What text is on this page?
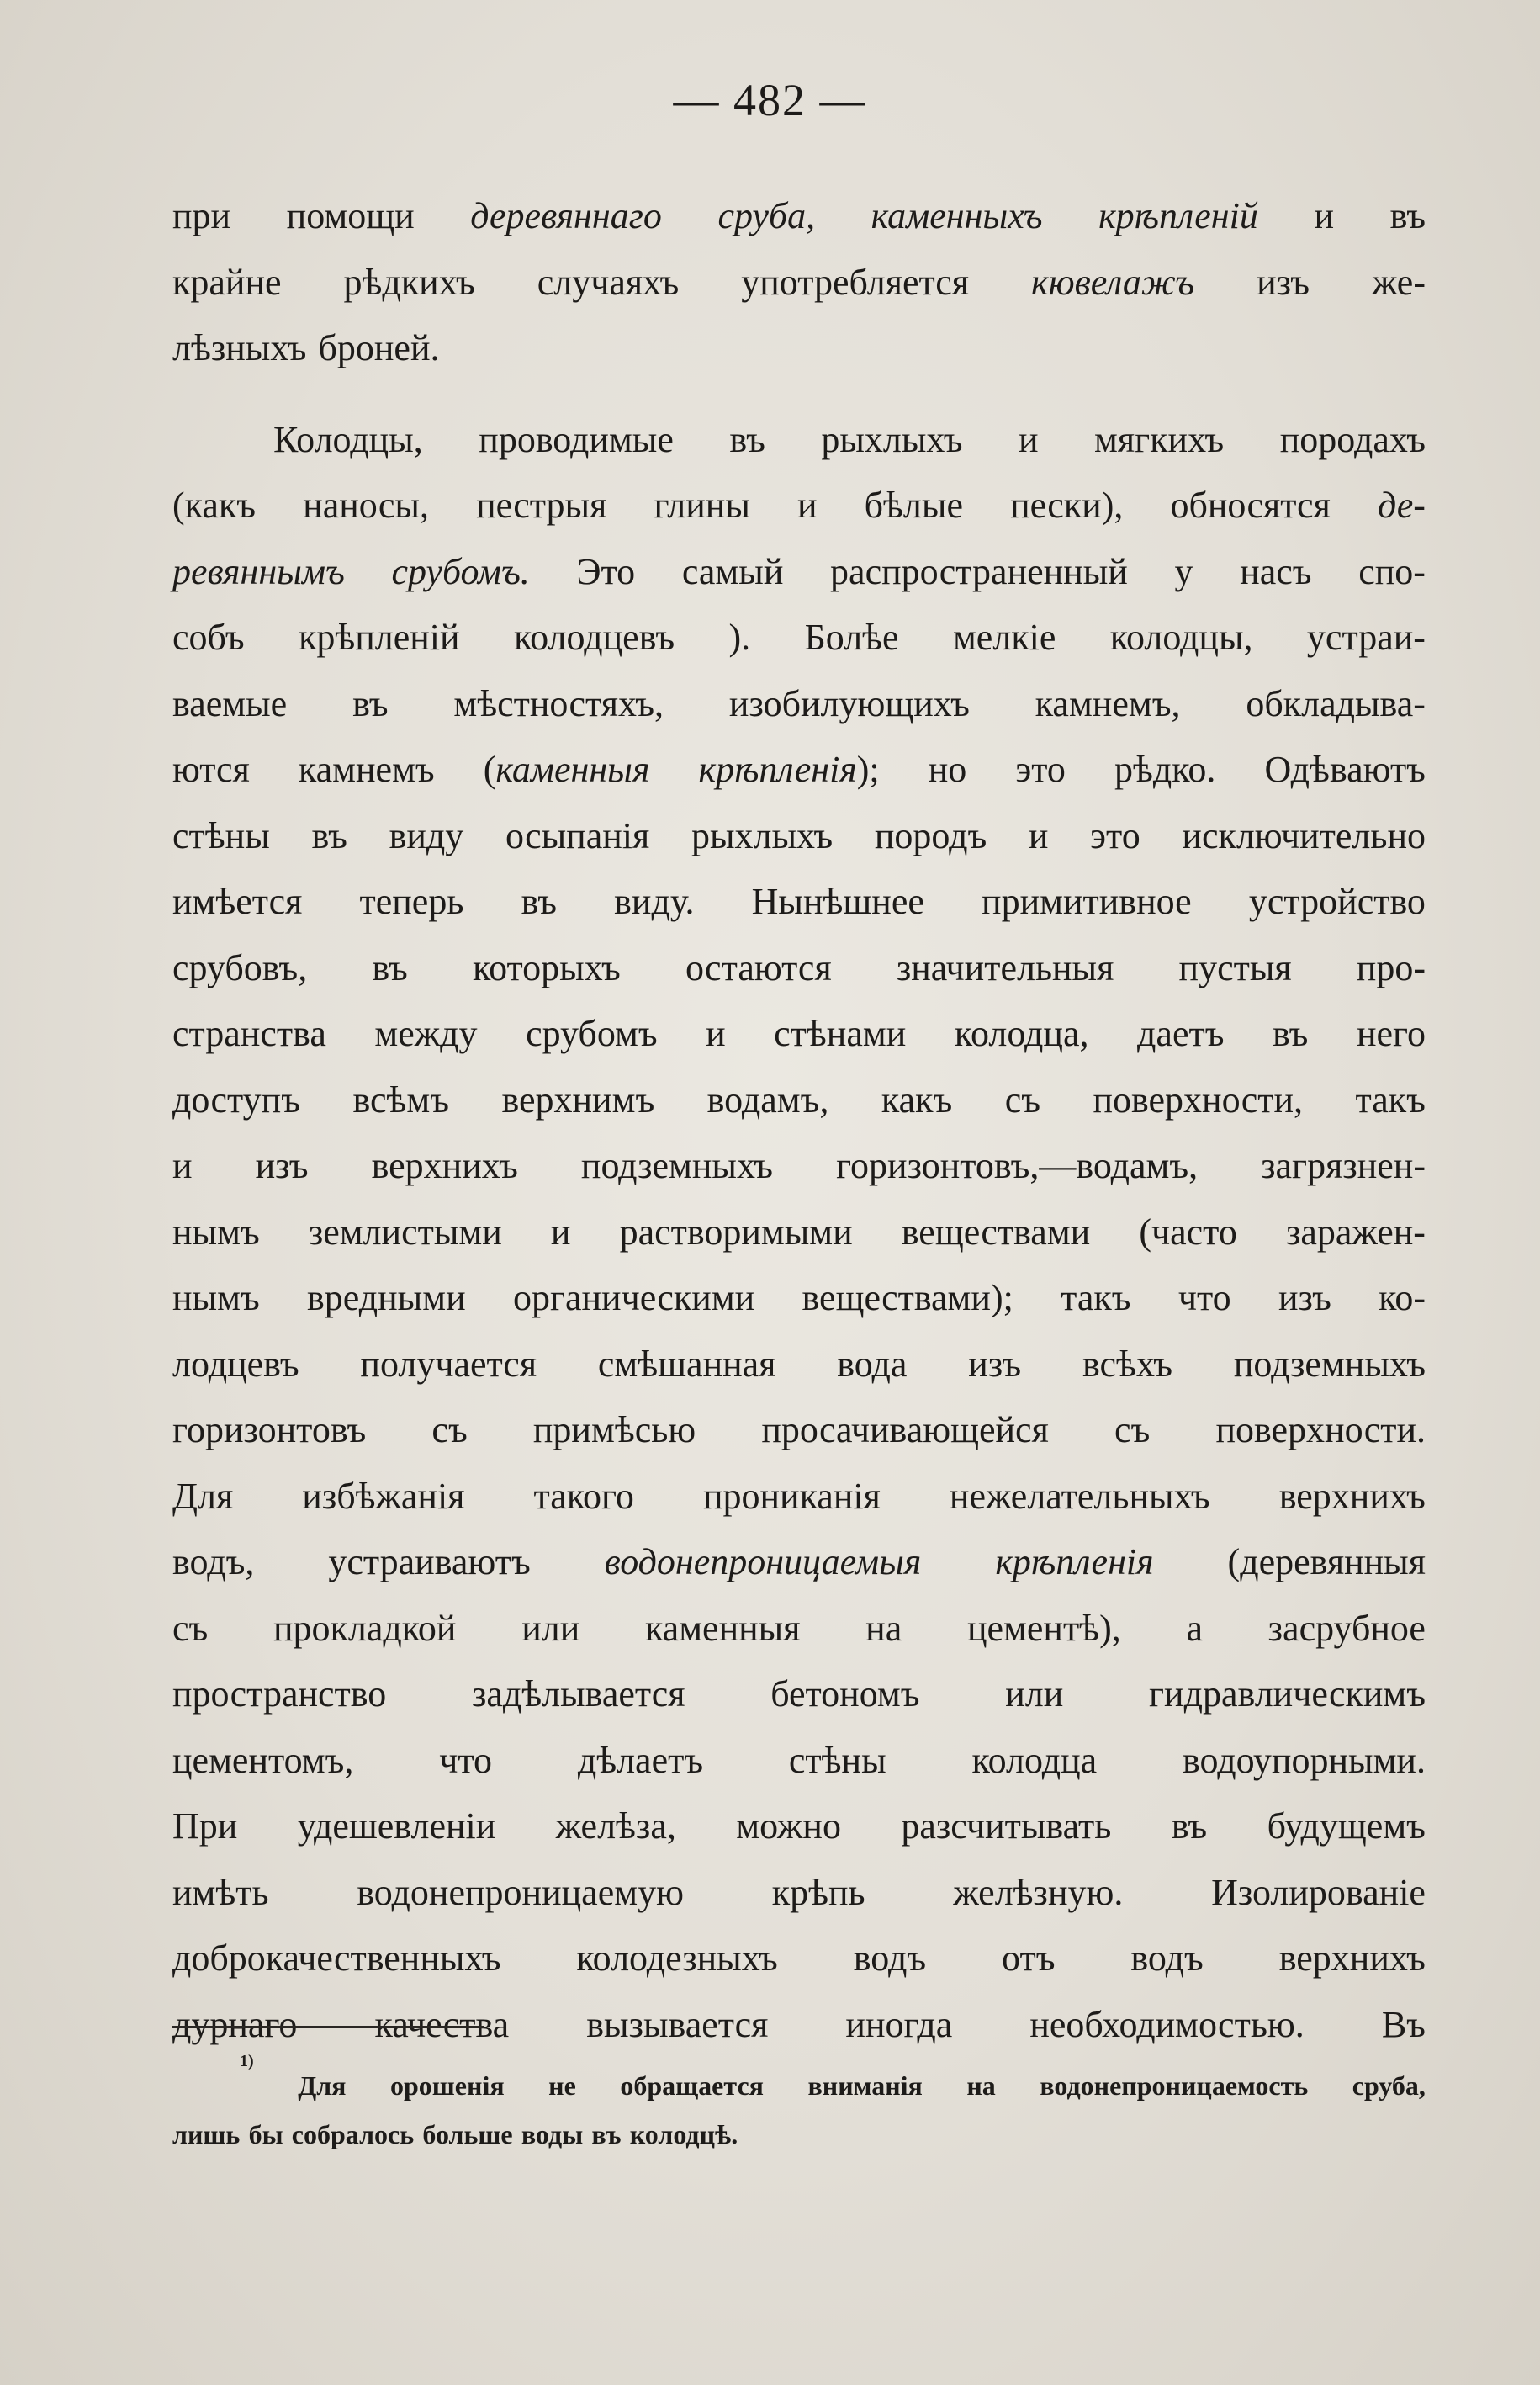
— 482 —
при помощи деревяннаго сруба, каменныхъ крѣпленій и въ
крайне рѣдкихъ случаяхъ употребляется кювелажъ изъ же-
лѣзныхъ броней.
Колодцы, проводимые въ рыхлыхъ и мягкихъ породахъ
(какъ наносы, пестрыя глины и бѣлые пески), обносятся де-
ревяннымъ срубомъ. Это самый распространенный у насъ спо-
собъ крѣпленій колодцевъ ). Болѣе мелкіе колодцы, устраи-
ваемые въ мѣстностяхъ, изобилующихъ камнемъ, обкладыва-
ются камнемъ (каменныя крѣпленія); но это рѣдко. Одѣваютъ
стѣны въ виду осыпанія рыхлыхъ породъ и это исключительно
имѣется теперь въ виду. Нынѣшнее примитивное устройство
срубовъ, въ которыхъ остаются значительныя пустыя про-
странства между срубомъ и стѣнами колодца, даетъ въ него
доступъ всѣмъ верхнимъ водамъ, какъ съ поверхности, такъ
и изъ верхнихъ подземныхъ горизонтовъ,—водамъ, загрязнен-
нымъ землистыми и растворимыми веществами (часто заражен-
нымъ вредными органическими веществами); такъ что изъ ко-
лодцевъ получается смѣшанная вода изъ всѣхъ подземныхъ
горизонтовъ съ примѣсью просачивающейся съ поверхности.
Для избѣжанія такого прониканія нежелательныхъ верхнихъ
водъ, устраиваютъ водонепроницаемыя крѣпленія (деревянныя
съ прокладкой или каменныя на цементѣ), а засрубное
пространство задѣлывается бетономъ или гидравлическимъ
цементомъ, что дѣлаетъ стѣны колодца водоупорными.
При удешевленіи желѣза, можно разсчитывать въ будущемъ
имѣть водонепроницаемую крѣпь желѣзную. Изолированіе
доброкачественныхъ колодезныхъ водъ отъ водъ верхнихъ
дурнаго качества вызывается иногда необходимостью. Въ
1)
Для орошенія не обращается вниманія на водонепроницаемость сруба,
лишь бы собралось больше воды въ колодцѣ.
